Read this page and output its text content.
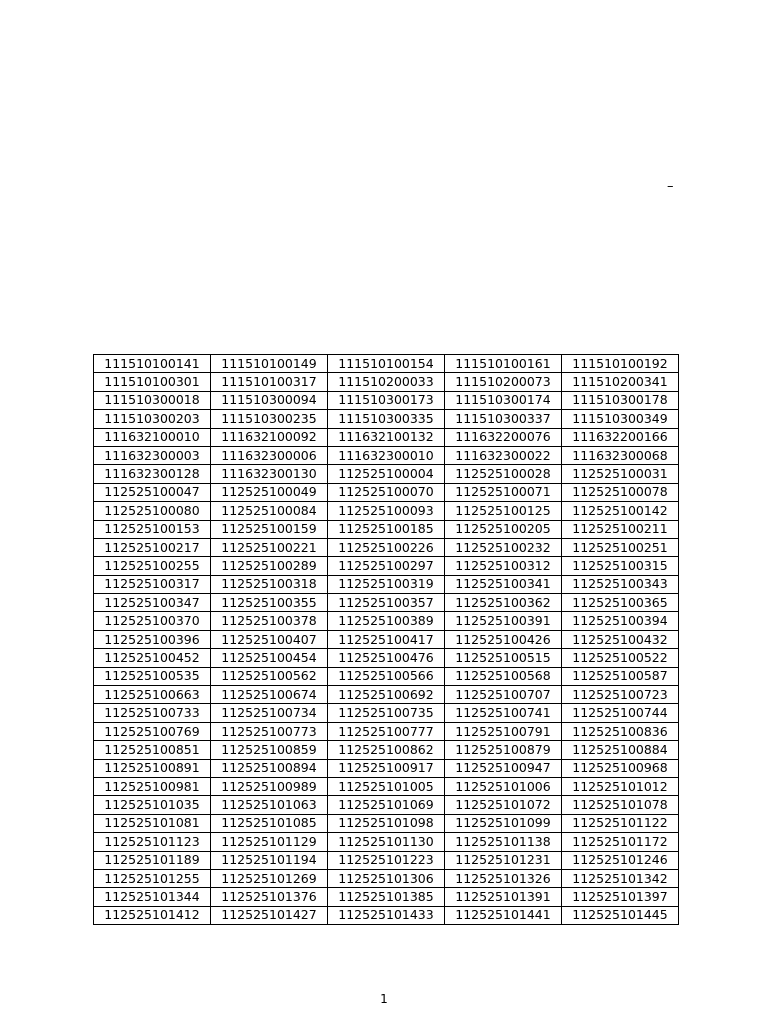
–
111510100141	111510100149	111510100154	111510100161	111510100192
111510100301	111510100317	111510200033	111510200073	111510200341
111510300018	111510300094	111510300173	111510300174	111510300178
111510300203	111510300235	111510300335	111510300337	111510300349
111632100010	111632100092	111632100132	111632200076	111632200166
111632300003	111632300006	111632300010	111632300022	111632300068
111632300128	111632300130	112525100004	112525100028	112525100031
112525100047	112525100049	112525100070	112525100071	112525100078
112525100080	112525100084	112525100093	112525100125	112525100142
112525100153	112525100159	112525100185	112525100205	112525100211
112525100217	112525100221	112525100226	112525100232	112525100251
112525100255	112525100289	112525100297	112525100312	112525100315
112525100317	112525100318	112525100319	112525100341	112525100343
112525100347	112525100355	112525100357	112525100362	112525100365
112525100370	112525100378	112525100389	112525100391	112525100394
112525100396	112525100407	112525100417	112525100426	112525100432
112525100452	112525100454	112525100476	112525100515	112525100522
112525100535	112525100562	112525100566	112525100568	112525100587
112525100663	112525100674	112525100692	112525100707	112525100723
112525100733	112525100734	112525100735	112525100741	112525100744
112525100769	112525100773	112525100777	112525100791	112525100836
112525100851	112525100859	112525100862	112525100879	112525100884
112525100891	112525100894	112525100917	112525100947	112525100968
112525100981	112525100989	112525101005	112525101006	112525101012
112525101035	112525101063	112525101069	112525101072	112525101078
112525101081	112525101085	112525101098	112525101099	112525101122
112525101123	112525101129	112525101130	112525101138	112525101172
112525101189	112525101194	112525101223	112525101231	112525101246
112525101255	112525101269	112525101306	112525101326	112525101342
112525101344	112525101376	112525101385	112525101391	112525101397
112525101412	112525101427	112525101433	112525101441	112525101445
1
